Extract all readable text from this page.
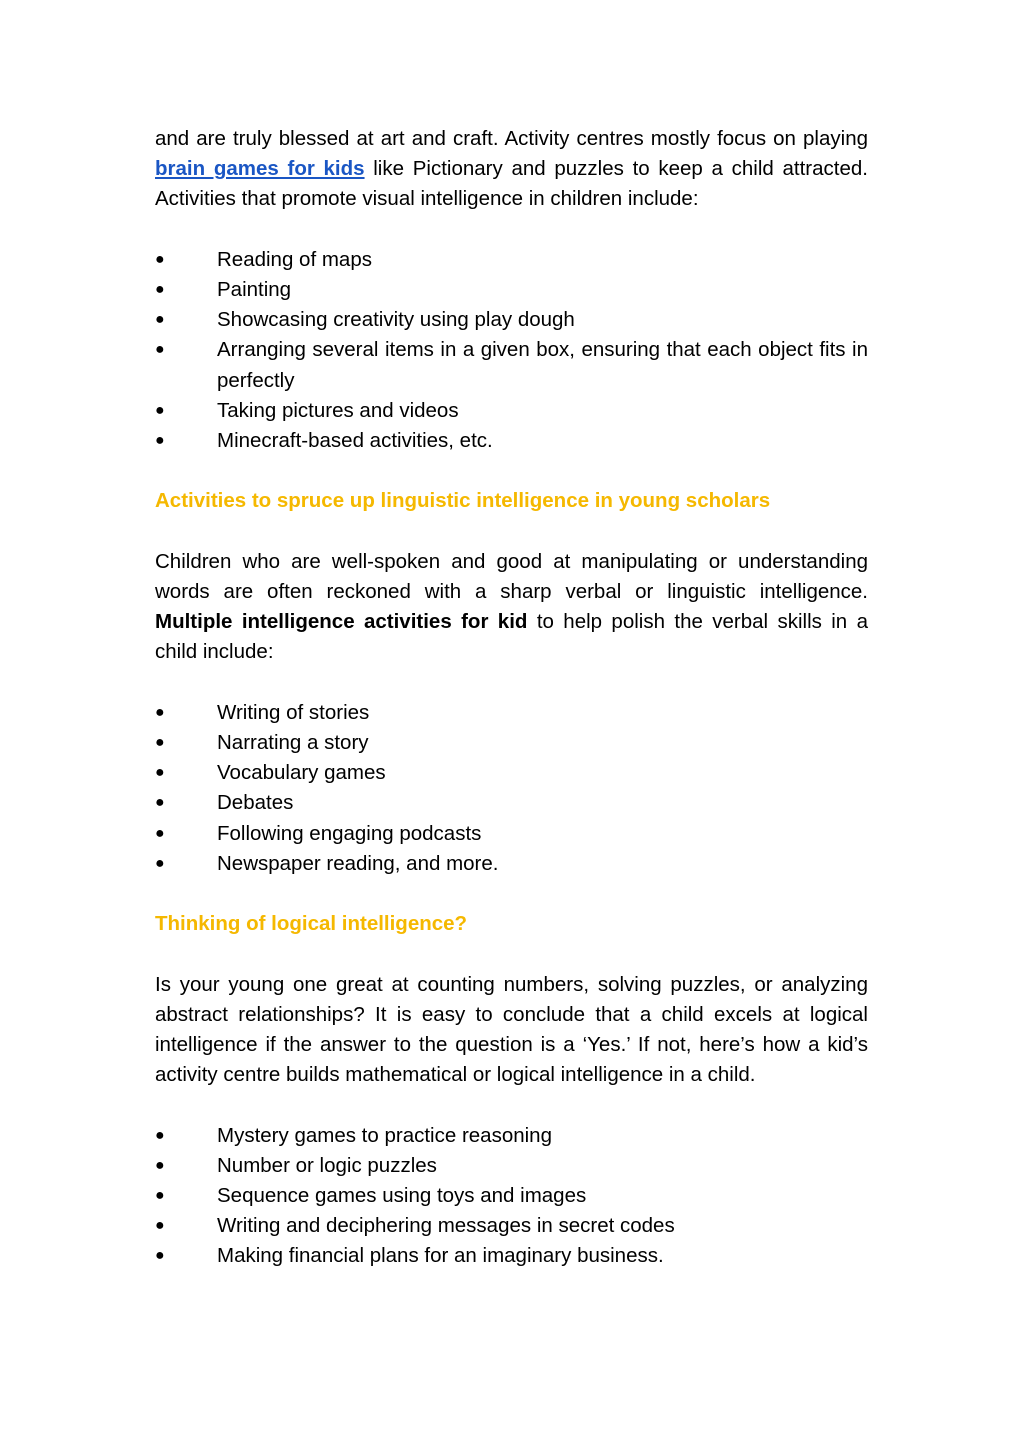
and are truly blessed at art and craft. Activity centres mostly focus on playing brain games for kids like Pictionary and puzzles to keep a child attracted. Activities that promote visual intelligence in children include:

●	Reading of maps
●	Painting
●	Showcasing creativity using play dough
●	Arranging several items in a given box, ensuring that each object fits in perfectly
●	Taking pictures and videos
●	Minecraft-based activities, etc.

Activities to spruce up linguistic intelligence in young scholars

Children who are well-spoken and good at manipulating or understanding words are often reckoned with a sharp verbal or linguistic intelligence. Multiple intelligence activities for kid to help polish the verbal skills in a child include:

●	Writing of stories
●	Narrating a story
●	Vocabulary games
●	Debates
●	Following engaging podcasts
●	Newspaper reading, and more.

Thinking of logical intelligence?

Is your young one great at counting numbers, solving puzzles, or analyzing abstract relationships? It is easy to conclude that a child excels at logical intelligence if the answer to the question is a ‘Yes.’ If not, here’s how a kid’s activity centre builds mathematical or logical intelligence in a child.

●	Mystery games to practice reasoning
●	Number or logic puzzles
●	Sequence games using toys and images
●	Writing and deciphering messages in secret codes
●	Making financial plans for an imaginary business.
